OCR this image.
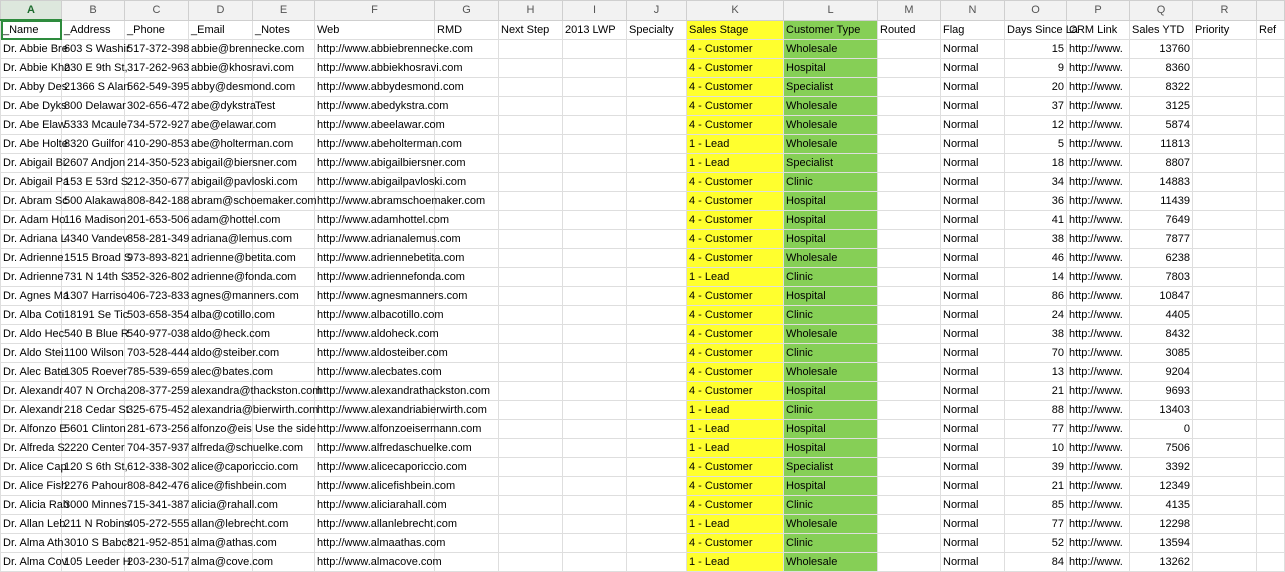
A	B	C	D	E	F	G	H	I	J	K	L	M	N	O	P	Q	R	
_Name	_Address	_Phone	_Email	_Notes	Web	RMD	Next Step	2013 LWP	Specialty	Sales Stage	Customer Type	Routed	Flag	Days Since La	CRM Link	Sales YTD	Priority	Ref
Dr. Abbie Bre	603 S Washir	517-372-398	abbie@brennecke.com		http://www.abbiebrennecke.com					4 - Customer	Wholesale		Normal	15	http://www.	13760		
Dr. Abbie Kho	230 E 9th St,	317-262-963	abbie@khosravi.com		http://www.abbiekhosravi.com					4 - Customer	Hospital		Normal	9	http://www.	8360		
Dr. Abby Des	21366 S Alan	562-549-395	abby@desmond.com		http://www.abbydesmond.com					4 - Customer	Specialist		Normal	20	http://www.	8322		
Dr. Abe Dyks	800 Delawar	302-656-472	abe@dykstra	Test	http://www.abedykstra.com					4 - Customer	Wholesale		Normal	37	http://www.	3125		
Dr. Abe Elaw	5333 Mcaule	734-572-927	abe@elawar.com		http://www.abeelawar.com					4 - Customer	Wholesale		Normal	12	http://www.	5874		
Dr. Abe Holte	8320 Guilfor	410-290-853	abe@holterman.com		http://www.abeholterman.com					1 - Lead	Wholesale		Normal	5	http://www.	11813		
Dr. Abigail Bi	2607 Andjon	214-350-523	abigail@biersner.com		http://www.abigailbiersner.com					1 - Lead	Specialist		Normal	18	http://www.	8807		
Dr. Abigail Pa	153 E 53rd S	212-350-677	abigail@pavloski.com		http://www.abigailpavloski.com					4 - Customer	Clinic		Normal	34	http://www.	14883		
Dr. Abram Sc	500 Alakawa	808-842-188	abram@schoemaker.com		http://www.abramschoemaker.com					4 - Customer	Hospital		Normal	36	http://www.	11439		
Dr. Adam Ho	116 Madison	201-653-506	adam@hottel.com		http://www.adamhottel.com					4 - Customer	Hospital		Normal	41	http://www.	7649		
Dr. Adriana L	4340 Vandev	858-281-349	adriana@lemus.com		http://www.adrianalemus.com					4 - Customer	Hospital		Normal	38	http://www.	7877		
Dr. Adrienne	1515 Broad S	973-893-821	adrienne@betita.com		http://www.adriennebetita.com					4 - Customer	Wholesale		Normal	46	http://www.	6238		
Dr. Adrienne	731 N 14th S	352-326-802	adrienne@fonda.com		http://www.adriennefonda.com					1 - Lead	Clinic		Normal	14	http://www.	7803		
Dr. Agnes Ma	1307 Harriso	406-723-833	agnes@manners.com		http://www.agnesmanners.com					4 - Customer	Hospital		Normal	86	http://www.	10847		
Dr. Alba Coti	18191 Se Tic	503-658-354	alba@cotillo.com		http://www.albacotillo.com					4 - Customer	Clinic		Normal	24	http://www.	4405		
Dr. Aldo Hec	540 B Blue R	540-977-038	aldo@heck.com		http://www.aldoheck.com					4 - Customer	Wholesale		Normal	38	http://www.	8432		
Dr. Aldo Stei	1100 Wilson	703-528-444	aldo@steiber.com		http://www.aldosteiber.com					4 - Customer	Clinic		Normal	70	http://www.	3085		
Dr. Alec Bate	1305 Roever	785-539-659	alec@bates.com		http://www.alecbates.com					4 - Customer	Wholesale		Normal	13	http://www.	9204		
Dr. Alexandr	407 N Orcha	208-377-259	alexandra@thackston.com		http://www.alexandrathackston.com					4 - Customer	Hospital		Normal	21	http://www.	9693		
Dr. Alexandr	218 Cedar St	325-675-452	alexandria@bierwirth.com		http://www.alexandriabierwirth.com					1 - Lead	Clinic		Normal	88	http://www.	13403		
Dr. Alfonzo E	5601 Clinton	281-673-256	alfonzo@eis	Use the side	http://www.alfonzoeisermann.com					1 - Lead	Hospital		Normal	77	http://www.	0		
Dr. Alfreda S	2220 Center	704-357-937	alfreda@schuelke.com		http://www.alfredaschuelke.com					1 - Lead	Hospital		Normal	10	http://www.	7506		
Dr. Alice Cap	120 S 6th St,	612-338-302	alice@caporiccio.com		http://www.alicecaporiccio.com					4 - Customer	Specialist		Normal	39	http://www.	3392		
Dr. Alice Fish	2276 Pahour	808-842-476	alice@fishbein.com		http://www.alicefishbein.com					4 - Customer	Hospital		Normal	21	http://www.	12349		
Dr. Alicia Rah	3000 Minnes	715-341-387	alicia@rahall.com		http://www.aliciarahall.com					4 - Customer	Clinic		Normal	85	http://www.	4135		
Dr. Allan Leb	211 N Robins	405-272-555	allan@lebrecht.com		http://www.allanlebrecht.com					1 - Lead	Wholesale		Normal	77	http://www.	12298		
Dr. Alma Ath	3010 S Babcc	321-952-851	alma@athas.com		http://www.almaathas.com					4 - Customer	Clinic		Normal	52	http://www.	13594		
Dr. Alma Cov	105 Leeder H	203-230-517	alma@cove.com		http://www.almacove.com					1 - Lead	Wholesale		Normal	84	http://www.	13262		
